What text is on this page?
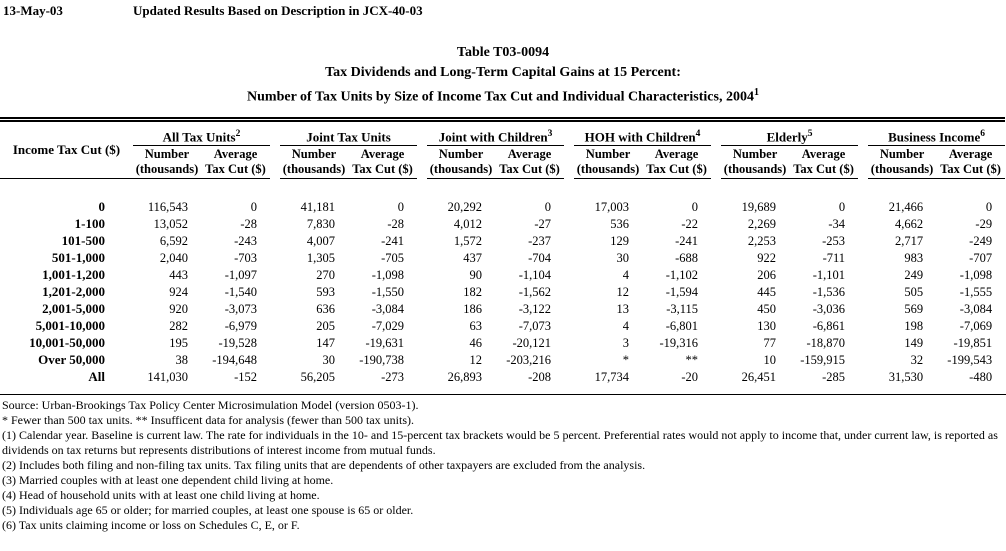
13-May-03	Updated Results Based on Description in JCX-40-03
Table T03-0094
Tax Dividends and Long-Term Capital Gains at 15 Percent:
Number of Tax Units by Size of Income Tax Cut and Individual Characteristics, 2004$^1$
Income Tax Cut ($)	All Tax Units$^2$			Joint Tax Units			Joint with Children$^3$			HOH with Children$^4$			Elderly$^5$			Business Income$^6$
	Number	Average		Number	Average		Number	Average		Number	Average		Number	Average		Number	Average
	(thousands)	Tax Cut ($)		(thousands)	Tax Cut ($)		(thousands)	Tax Cut ($)		(thousands)	Tax Cut ($)		(thousands)	Tax Cut ($)		(thousands)	Tax Cut ($)

0	116,543	0		41,181	0		20,292	0		17,003	0		19,689	0		21,466	0
1-100	13,052	-28		7,830	-28		4,012	-27		536	-22		2,269	-34		4,662	-29
101-500	6,592	-243		4,007	-241		1,572	-237		129	-241		2,253	-253		2,717	-249
501-1,000	2,040	-703		1,305	-705		437	-704		30	-688		922	-711		983	-707
1,001-1,200	443	-1,097		270	-1,098		90	-1,104		4	-1,102		206	-1,101		249	-1,098
1,201-2,000	924	-1,540		593	-1,550		182	-1,562		12	-1,594		445	-1,536		505	-1,555
2,001-5,000	920	-3,073		636	-3,084		186	-3,122		13	-3,115		450	-3,036		569	-3,084
5,001-10,000	282	-6,979		205	-7,029		63	-7,073		4	-6,801		130	-6,861		198	-7,069
10,001-50,000	195	-19,528		147	-19,631		46	-20,121		3	-19,316		77	-18,870		149	-19,851
Over 50,000	38	-194,648		30	-190,738		12	-203,216		*	**		10	-159,915		32	-199,543
All	141,030	-152		56,205	-273		26,893	-208		17,734	-20		26,451	-285		31,530	-480
Source: Urban-Brookings Tax Policy Center Microsimulation Model (version 0503-1).
* Fewer than 500 tax units. ** Insufficent data for analysis (fewer than 500 tax units).
(1) Calendar year. Baseline is current law. The rate for individuals in the 10- and 15-percent tax brackets would be 5 percent. Preferential rates would not apply to income that, under current law, is reported as dividends on tax returns but represents distributions of interest income from mutual funds.
(2) Includes both filing and non-filing tax units. Tax filing units that are dependents of other taxpayers are excluded from the analysis.
(3) Married couples with at least one dependent child living at home.
(4) Head of household units with at least one child living at home.
(5) Individuals age 65 or older; for married couples, at least one spouse is 65 or older.
(6) Tax units claiming income or loss on Schedules C, E, or F.
